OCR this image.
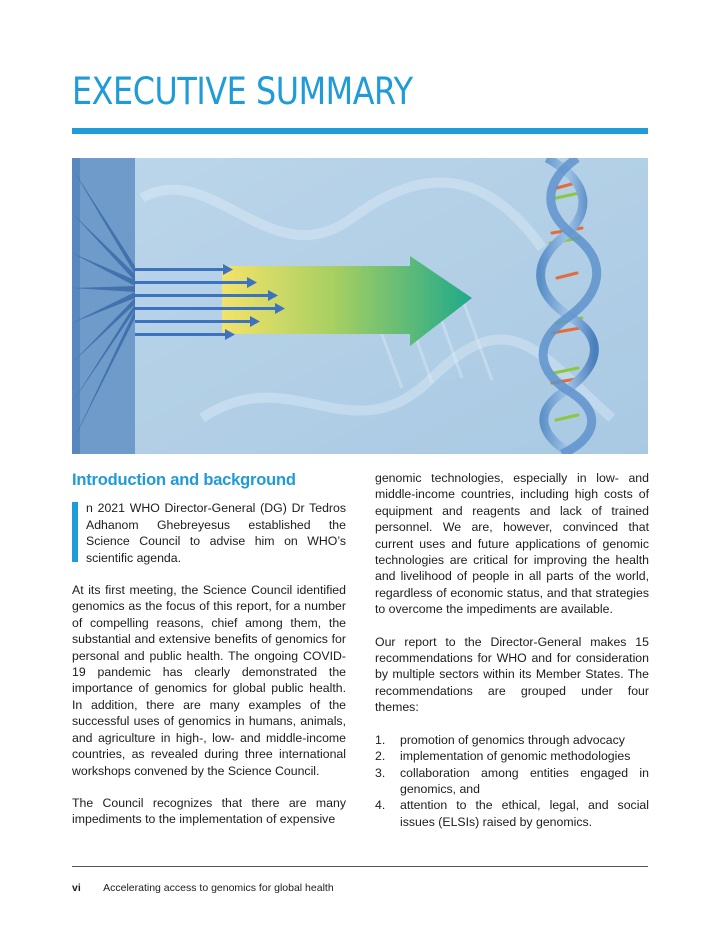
EXECUTIVE SUMMARY
Introduction and background

n 2021 WHO Director-General (DG) Dr Tedros Adhanom Ghebreyesus established the Science Council to advise him on WHO’s scientific agenda.

At its first meeting, the Science Council identified genomics as the focus of this report, for a number of compelling reasons, chief among them, the substantial and extensive benefits of genomics for personal and public health. The ongoing COVID-19 pandemic has clearly demonstrated the importance of genomics for global public health. In addition, there are many examples of the successful uses of genomics in humans, animals, and agriculture in high-, low- and middle-income countries, as revealed during three international workshops convened by the Science Council.

The Council recognizes that there are many impediments to the implementation of expensive

genomic technologies, especially in low- and middle-income countries, including high costs of equipment and reagents and lack of trained personnel. We are, however, convinced that current uses and future applications of genomic technologies are critical for improving the health and livelihood of people in all parts of the world, regardless of economic status, and that strategies to overcome the impediments are available.

Our report to the Director-General makes 15 recommendations for WHO and for consideration by multiple sectors within its Member States. The recommendations are grouped under four themes:

1.	promotion of genomics through advocacy
2.	implementation of genomic methodologies
3.	collaboration among entities engaged in genomics, and
4.	attention to the ethical, legal, and social issues (ELSIs) raised by genomics.
vi Accelerating access to genomics for global health
